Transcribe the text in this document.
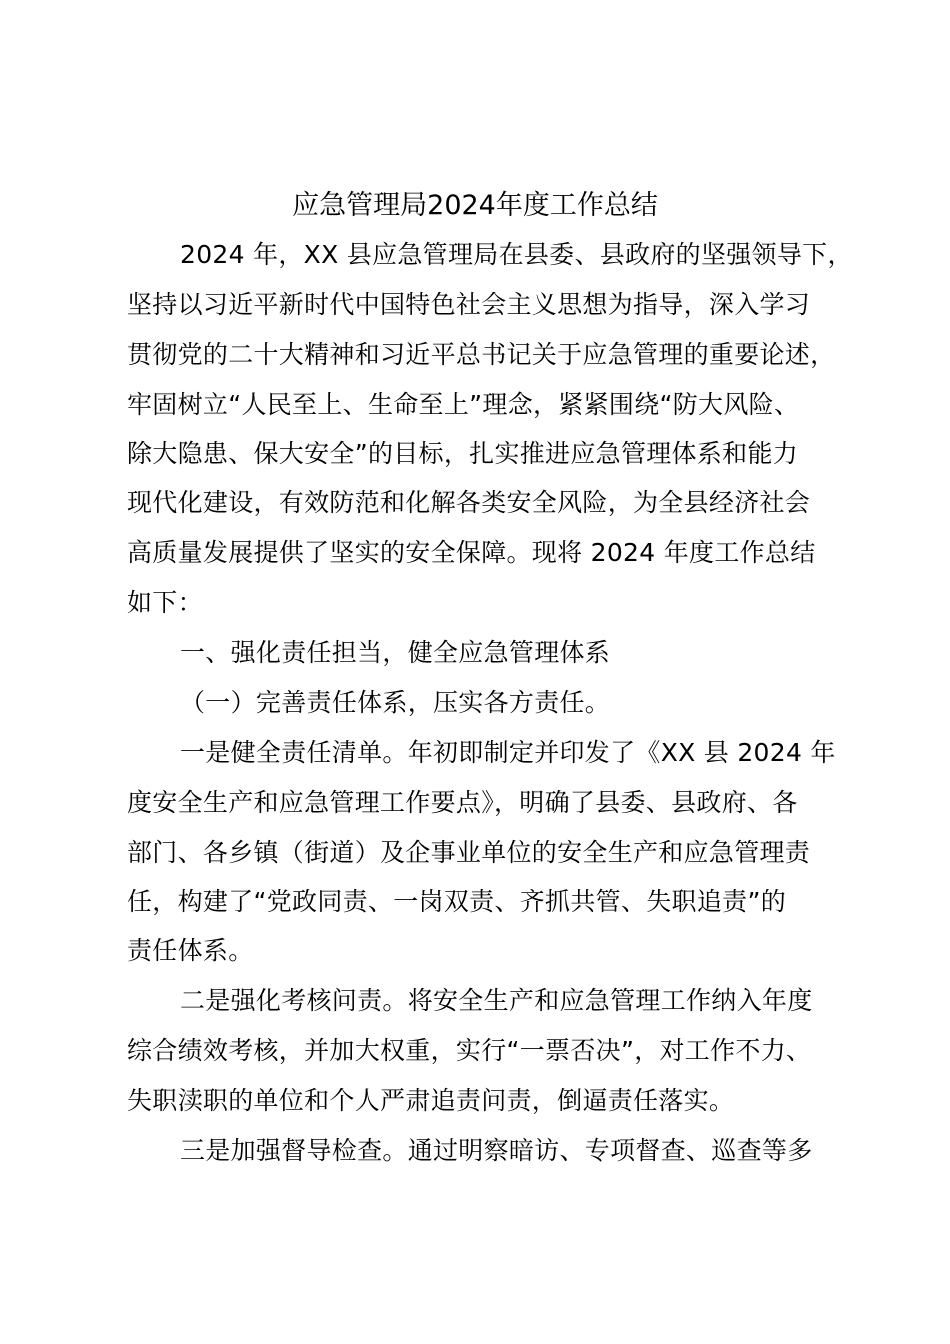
应急管理局2024年度工作总结
2024 年，XX 县应急管理局在县委、县政府的坚强领导下，
坚持以习近平新时代中国特色社会主义思想为指导，深入学习
贯彻党的二十大精神和习近平总书记关于应急管理的重要论述，
牢固树立“人民至上、生命至上”理念，紧紧围绕“防大风险、
除大隐患、保大安全”的目标，扎实推进应急管理体系和能力
现代化建设，有效防范和化解各类安全风险，为全县经济社会
高质量发展提供了坚实的安全保障。现将 2024 年度工作总结
如下：
一、强化责任担当，健全应急管理体系
（一）完善责任体系，压实各方责任。
一是健全责任清单。年初即制定并印发了《XX 县 2024 年
度安全生产和应急管理工作要点》，明确了县委、县政府、各
部门、各乡镇（街道）及企事业单位的安全生产和应急管理责
任，构建了“党政同责、一岗双责、齐抓共管、失职追责”的
责任体系。
二是强化考核问责。将安全生产和应急管理工作纳入年度
综合绩效考核，并加大权重，实行“一票否决”，对工作不力、
失职渎职的单位和个人严肃追责问责，倒逼责任落实。
三是加强督导检查。通过明察暗访、专项督查、巡查等多
